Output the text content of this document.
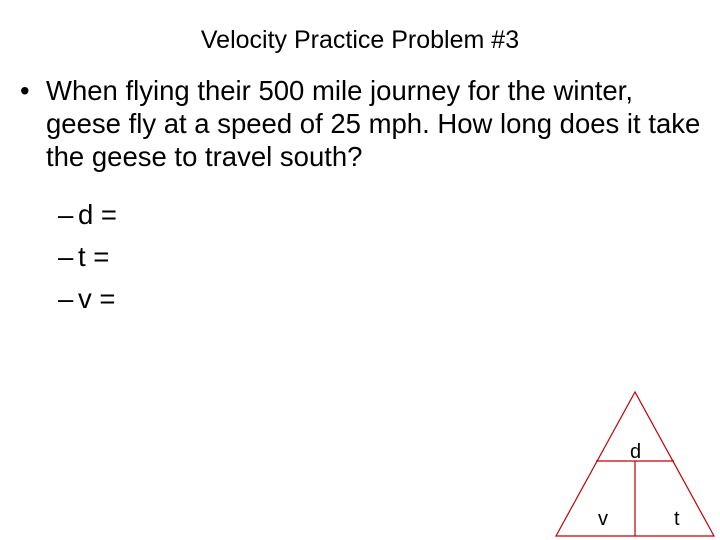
Velocity Practice Problem #3
• When flying their 500 mile journey for the winter, geese fly at a speed of 25 mph. How long does it take the geese to travel south?
– d =
– t =
– v =
d
v	t
